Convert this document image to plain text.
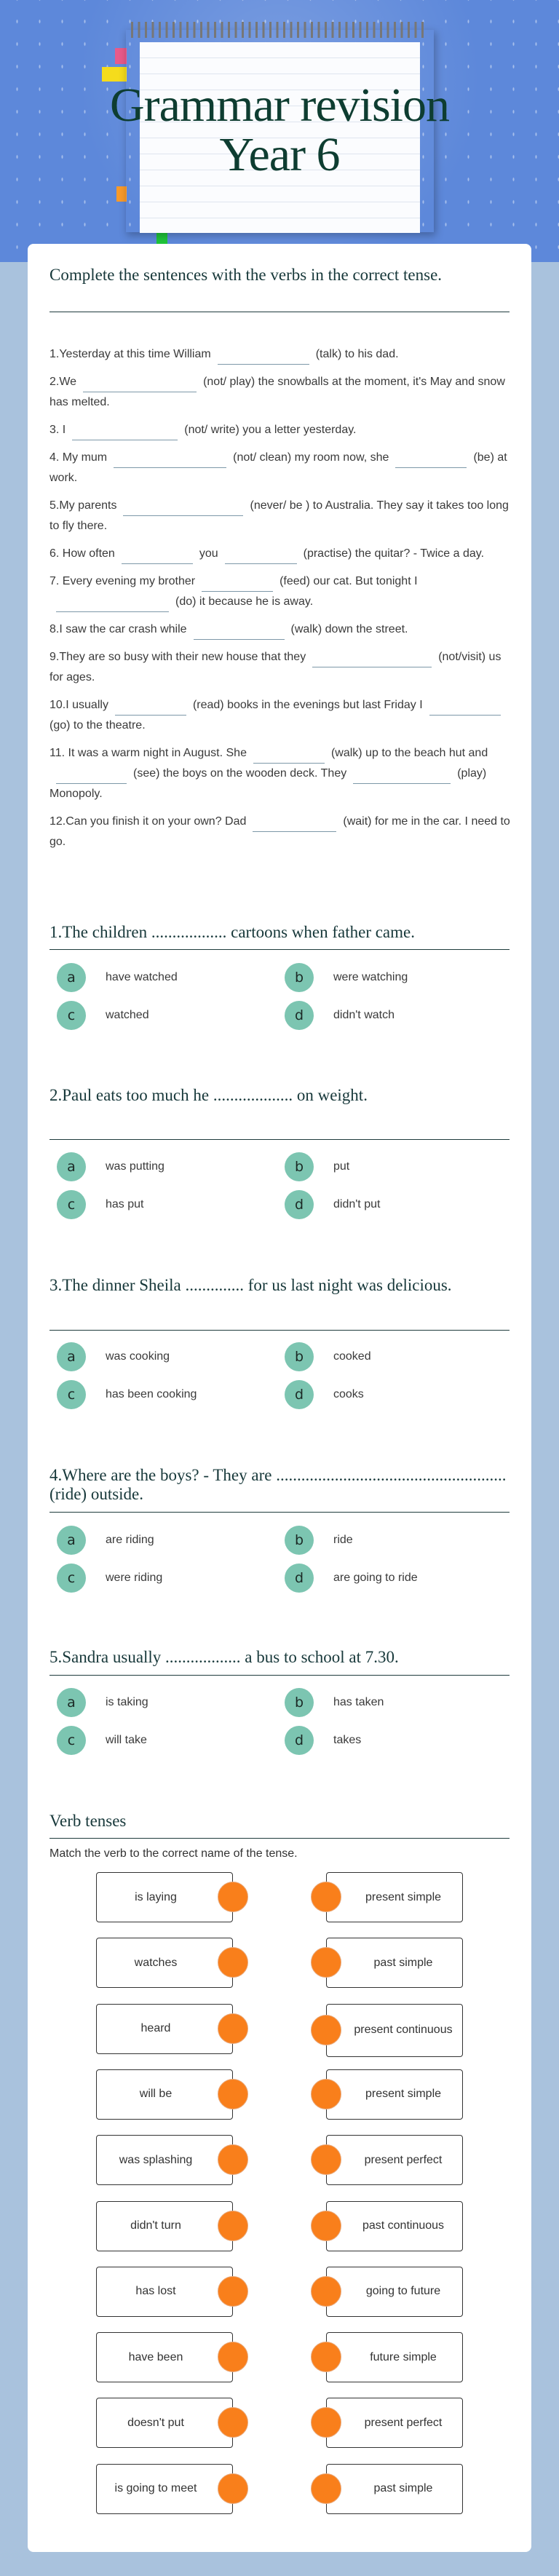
Grammar revision
Year 6
Complete the sentences with the verbs in the correct tense.

1.Yesterday at this time William	(talk) to his dad.

2.We	(not/ play) the snowballs at the moment, it's May and snow has melted.

3. I	(not/ write) you a letter yesterday.

4. My mum	(not/ clean) my room now, she	(be) at work.

5.My parents	(never/ be ) to Australia. They say it takes too long to fly there.

6. How often	you	(practise) the quitar? - Twice a day.

7. Every evening my brother	(feed) our cat. But tonight I(do) it because he is away.

8.I saw the car crash while	(walk) down the street.

9.They are so busy with their new house that they	(not/visit) us for ages.

10.I usually	(read) books in the evenings but last Friday I(go) to the theatre.

11. It was a warm night in August. She	(walk) up to the beach hut and(see) the boys on the wooden deck. They	(play) Monopoly.

12.Can you finish it on your own? Dad	(wait) for me in the car. I need to go.

1.The children .................. cartoons when father came.
a	have watched	b	were watching
c	watched	d	didn't watch
2.Paul eats too much he ................... on weight.
a	was putting	b	put
c	has put	d	didn't put
3.The dinner Sheila .............. for us last night was delicious.
a	was cooking	b	cooked
c	has been cooking	d	cooks
4.Where are the boys? - They are ....................................................... (ride) outside.
a	are riding	b	ride
c	were riding	d	are going to ride
5.Sandra usually .................. a bus to school at 7.30.
a	is taking	b	has taken
c	will take	d	takes
Verb tenses
Match the verb to the correct name of the tense.
is laying	present simple
watches	past simple
heard	present continuous
will be	present simple
was splashing	present perfect
didn't turn	past continuous
has lost	going to future
have been	future simple
doesn't put	present perfect
is going to meet	past simple
